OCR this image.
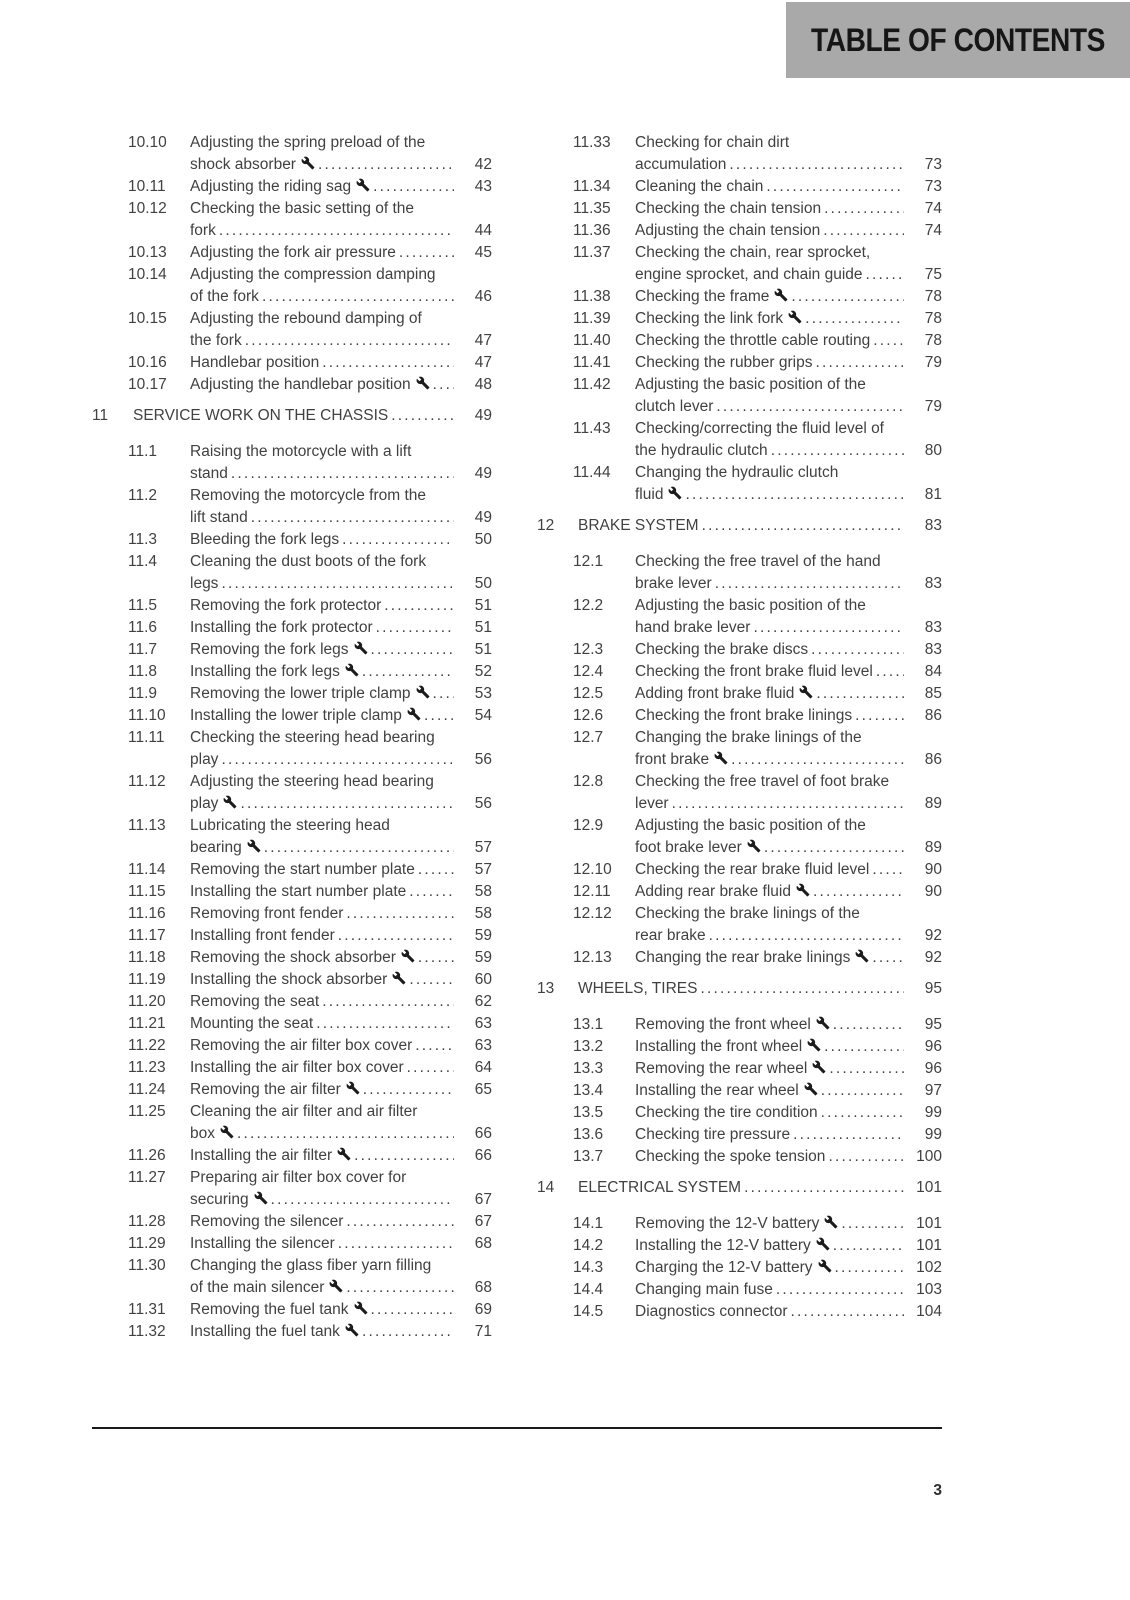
TABLE OF CONTENTS
10.10	Adjusting the spring preload of the
shock absorber .....	42
10.11	Adjusting the riding sag .....	43
10.12	Checking the basic setting of the
fork .....	44
10.13	Adjusting the fork air pressure .....	45
10.14	Adjusting the compression damping
of the fork .....	46
10.15	Adjusting the rebound damping of
the fork .....	47
10.16	Handlebar position .....	47
10.17	Adjusting the handlebar position .....	48
11	SERVICE WORK ON THE CHASSIS .....	49
11.1	Raising the motorcycle with a lift
stand .....	49
11.2	Removing the motorcycle from the
lift stand .....	49
11.3	Bleeding the fork legs .....	50
11.4	Cleaning the dust boots of the fork
legs .....	50
11.5	Removing the fork protector .....	51
11.6	Installing the fork protector .....	51
11.7	Removing the fork legs .....	51
11.8	Installing the fork legs .....	52
11.9	Removing the lower triple clamp .....	53
11.10	Installing the lower triple clamp .....	54
11.11	Checking the steering head bearing
play .....	56
11.12	Adjusting the steering head bearing
play .....	56
11.13	Lubricating the steering head
bearing .....	57
11.14	Removing the start number plate .....	57
11.15	Installing the start number plate .....	58
11.16	Removing front fender .....	58
11.17	Installing front fender .....	59
11.18	Removing the shock absorber .....	59
11.19	Installing the shock absorber .....	60
11.20	Removing the seat .....	62
11.21	Mounting the seat .....	63
11.22	Removing the air filter box cover .....	63
11.23	Installing the air filter box cover .....	64
11.24	Removing the air filter .....	65
11.25	Cleaning the air filter and air filter
box .....	66
11.26	Installing the air filter .....	66
11.27	Preparing air filter box cover for
securing .....	67
11.28	Removing the silencer .....	67
11.29	Installing the silencer .....	68
11.30	Changing the glass fiber yarn filling
of the main silencer .....	68
11.31	Removing the fuel tank .....	69
11.32	Installing the fuel tank .....	71
11.33	Checking for chain dirt
accumulation .....	73
11.34	Cleaning the chain .....	73
11.35	Checking the chain tension .....	74
11.36	Adjusting the chain tension .....	74
11.37	Checking the chain, rear sprocket,
engine sprocket, and chain guide .....	75
11.38	Checking the frame .....	78
11.39	Checking the link fork .....	78
11.40	Checking the throttle cable routing .....	78
11.41	Checking the rubber grips .....	79
11.42	Adjusting the basic position of the
clutch lever .....	79
11.43	Checking/correcting the fluid level of
the hydraulic clutch .....	80
11.44	Changing the hydraulic clutch
fluid .....	81
12	BRAKE SYSTEM .....	83
12.1	Checking the free travel of the hand
brake lever .....	83
12.2	Adjusting the basic position of the
hand brake lever .....	83
12.3	Checking the brake discs .....	83
12.4	Checking the front brake fluid level .....	84
12.5	Adding front brake fluid .....	85
12.6	Checking the front brake linings .....	86
12.7	Changing the brake linings of the
front brake .....	86
12.8	Checking the free travel of foot brake
lever .....	89
12.9	Adjusting the basic position of the
foot brake lever .....	89
12.10	Checking the rear brake fluid level .....	90
12.11	Adding rear brake fluid .....	90
12.12	Checking the brake linings of the
rear brake .....	92
12.13	Changing the rear brake linings .....	92
13	WHEELS, TIRES .....	95
13.1	Removing the front wheel .....	95
13.2	Installing the front wheel .....	96
13.3	Removing the rear wheel .....	96
13.4	Installing the rear wheel .....	97
13.5	Checking the tire condition .....	99
13.6	Checking tire pressure .....	99
13.7	Checking the spoke tension .....	100
14	ELECTRICAL SYSTEM .....	101
14.1	Removing the 12-V battery .....	101
14.2	Installing the 12-V battery .....	101
14.3	Charging the 12-V battery .....	102
14.4	Changing main fuse .....	103
14.5	Diagnostics connector .....	104
3
